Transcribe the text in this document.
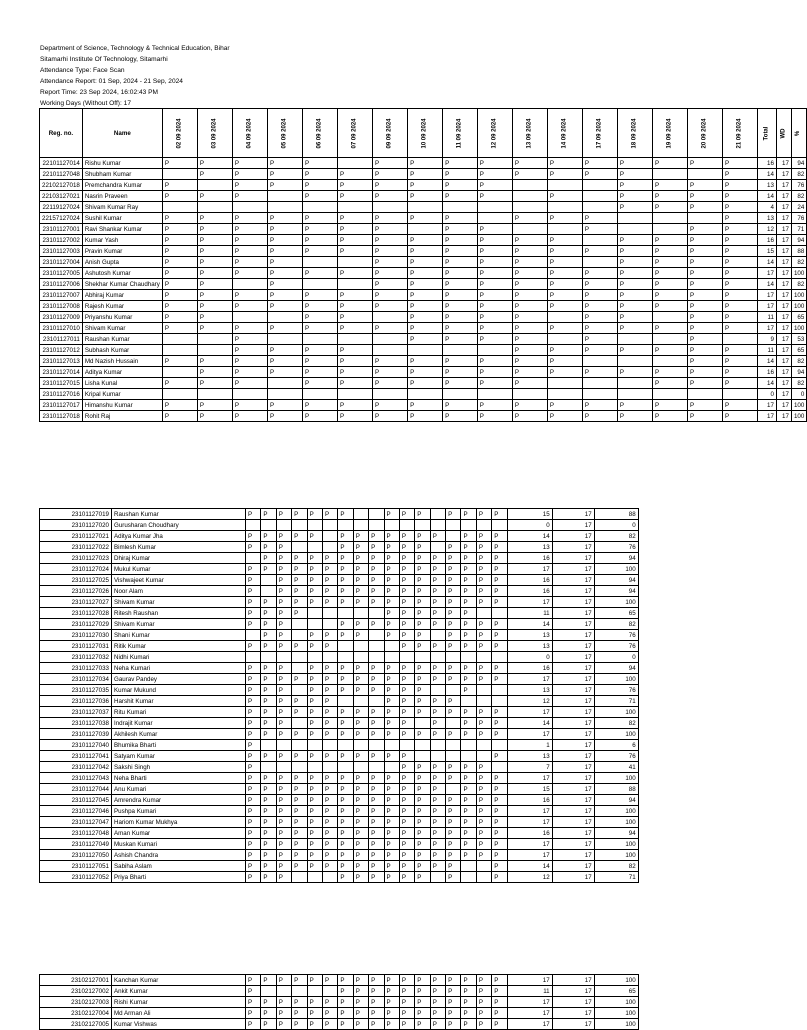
Department of Science, Technology & Technical Education, Bihar
Sitamarhi Institute Of Technology, Sitamarhi
Attendance Type: Face Scan
Attendance Report: 01 Sep, 2024 - 21 Sep, 2024
Report Time: 23 Sep 2024, 16:02:43 PM
Working Days (Without Off): 17
Reg. no.	Name	02 09 2024	03 09 2024	04 09 2024	05 09 2024	06 09 2024	07 09 2024	09 09 2024	10 09 2024	11 09 2024	12 09 2024	13 09 2024	14 09 2024	17 09 2024	18 09 2024	19 09 2024	20 09 2024	21 09 2024	Total	WD	%
22101127014	Rishu Kumar	P	P	P	P	P		P	P	P	P	P	P	P	P	P	P	P	16	17	94
22101127048	Shubham Kumar		P	P	P	P	P	P	P	P	P	P	P	P	P			P	14	17	82
22102127018	Premchandra Kumar	P		P	P	P	P	P	P	P	P				P	P	P	P	13	17	76
22103127021	Nasrin Praveen	P	P	P		P	P	P	P	P	P		P		P	P	P	P	14	17	82
22119127024	Shivam Kumar Ray														P	P	P	P	4	17	24
22157127024	Sushil Kumar	P	P	P	P	P	P	P	P	P		P	P	P				P	13	17	76
23101127001	Ravi Shankar Kumar	P	P	P	P	P	P	P		P	P			P			P	P	12	17	71
23101127002	Kumar Yash	P	P	P	P	P	P	P	P	P	P	P	P		P	P	P	P	16	17	94
23101127003	Pravin Kumar	P	P	P	P	P	P	P	P	P	P	P	P	P	P	P	P	P	15	17	88
23101127004	Anish Gupta	P	P	P	P			P	P	P	P	P	P		P	P	P	P	14	17	82
23101127005	Ashutosh Kumar	P	P	P	P	P	P	P	P	P	P	P	P	P	P	P	P	P	17	17	100
23101127006	Shekhar Kumar Chaudhary	P	P		P			P	P	P	P	P	P	P	P	P	P	P	14	17	82
23101127007	Abhiraj Kumar	P	P	P	P	P	P	P	P	P	P	P	P	P	P	P	P	P	17	17	100
23101127008	Rajesh Kumar	P	P	P	P	P	P	P	P	P	P	P	P	P	P	P	P	P	17	17	100
23101127009	Priyanshu Kumar	P	P			P	P		P	P	P	P		P	P		P	P	11	17	65
23101127010	Shivam Kumar	P	P	P	P	P	P	P	P	P	P	P	P	P	P	P	P	P	17	17	100
23101127011	Raushan Kumar			P					P	P	P	P		P			P		9	17	53
23101127012	Subhash Kumar			P	P	P	P					P	P	P	P	P	P	P	11	17	65
23101127013	Md Nazish Hussain	P	P	P	P	P	P	P	P	P	P	P	P				P	P	14	17	82
23101127014	Aditya Kumar		P	P	P	P	P	P	P	P	P	P	P	P	P	P	P	P	16	17	94
23101127015	Lisha Kunal	P	P	P		P	P	P	P	P	P	P				P	P	P	14	17	82
23101127016	Kripal Kumar																		0	17	0
23101127017	Himanshu Kumar	P	P	P	P	P	P	P	P	P	P	P	P	P	P	P	P	P	17	17	100
23101127018	Rohit Raj	P	P	P	P	P	P	P	P	P	P	P	P	P	P	P	P	P	17	17	100
23101127019	Raushan Kumar	P	P	P	P	P	P	P			P	P	P		P	P	P	P	15	17	88
23101127020	Gurusharan Choudhary																		0	17	0
23101127021	Aditya Kumar Jha	P	P	P	P	P		P	P	P	P	P	P	P		P	P	P	14	17	82
23101127022	Bimlesh Kumar	P	P	P				P	P	P	P	P	P		P	P	P	P	13	17	76
23101127023	Dhiraj Kumar		P	P	P	P	P	P	P	P	P	P	P	P	P	P	P	P	16	17	94
23101127024	Mukul Kumar	P	P	P	P	P	P	P	P	P	P	P	P	P	P	P	P	P	17	17	100
23101127025	Vishwajeet Kumar	P		P	P	P	P	P	P	P	P	P	P	P	P	P	P	P	16	17	94
23101127026	Noor Alam	P		P	P	P	P	P	P	P	P	P	P	P	P	P	P	P	16	17	94
23101127027	Shivam Kumar	P	P	P	P	P	P	P	P	P	P	P	P	P	P	P	P	P	17	17	100
23101127028	Ritesh Raushan	P	P	P	P						P	P	P	P	P	P			11	17	65
23101127029	Shivam Kumar	P	P	P				P	P	P	P	P	P	P	P	P	P	P	14	17	82
23101127030	Shani Kumar		P	P		P	P	P	P		P	P	P		P	P	P	P	13	17	76
23101127031	Ritik Kumar	P	P	P	P	P	P					P	P	P	P	P	P	P	13	17	76
23101127032	Nidhi Kumari																		0	17	0
23101127033	Neha Kumari	P	P	P		P	P	P	P	P	P	P	P	P	P	P	P	P	16	17	94
23101127034	Gaurav Pandey	P	P	P	P	P	P	P	P	P	P	P	P	P	P	P	P	P	17	17	100
23101127035	Kumar Mukund	P	P	P		P	P	P	P	P	P	P	P			P			13	17	76
23101127036	Harshit Kumar	P	P	P	P	P	P				P	P	P	P	P				12	17	71
23101127037	Ritu Kumari	P	P	P	P	P	P	P	P	P	P	P	P	P	P	P	P	P	17	17	100
23101127038	Indrajit Kumar	P	P	P		P	P	P	P	P	P	P		P		P	P	P	14	17	82
23101127039	Akhilesh Kumar	P	P	P	P	P	P	P	P	P	P	P	P	P	P	P	P	P	17	17	100
23101127040	Bhumika Bharti	P																	1	17	6
23101127041	Satyam Kumar	P	P	P	P	P	P	P	P	P	P	P						P	13	17	76
23101127042	Sakshi Singh	P										P	P	P	P	P	P		7	17	41
23101127043	Neha Bharti	P	P	P	P	P	P	P	P	P	P	P	P	P	P	P	P	P	17	17	100
23101127044	Anu Kumari	P	P	P	P	P	P	P	P	P	P	P	P	P		P	P	P	15	17	88
23101127045	Amrendra Kumar	P	P	P	P	P	P	P	P	P	P	P	P	P	P	P	P	P	16	17	94
23101127046	Pushpa Kumari	P	P	P	P	P	P	P	P	P	P	P	P	P	P	P	P	P	17	17	100
23101127047	Hariom Kumar Mukhya	P	P	P	P	P	P	P	P	P	P	P	P	P	P	P	P	P	17	17	100
23101127048	Aman Kumar	P	P	P	P	P	P	P	P	P	P	P	P	P	P	P	P	P	16	17	94
23101127049	Muskan Kumari	P	P	P	P	P	P	P	P	P	P	P	P	P	P	P	P	P	17	17	100
23101127050	Ashish Chandra	P	P	P	P	P	P	P	P	P	P	P	P	P	P	P	P	P	17	17	100
23101127051	Sabiha Aslam	P	P	P	P	P	P	P	P	P	P	P	P	P	P			P	14	17	82
23101127052	Priya Bharti	P	P	P				P	P	P	P	P	P		P			P	12	17	71
23102127001	Kanchan Kumar	P	P	P	P	P	P	P	P	P	P	P	P	P	P	P	P	P	17	17	100
23102127002	Ankit Kumar	P						P	P	P	P	P	P	P	P	P	P	P	11	17	65
23102127003	Rishi Kumar	P	P	P	P	P	P	P	P	P	P	P	P	P	P	P	P	P	17	17	100
23102127004	Md Arman Ali	P	P	P	P	P	P	P	P	P	P	P	P	P	P	P	P	P	17	17	100
23102127005	Kumar Vishwas	P	P	P	P	P	P	P	P	P	P	P	P	P	P	P	P	P	17	17	100
